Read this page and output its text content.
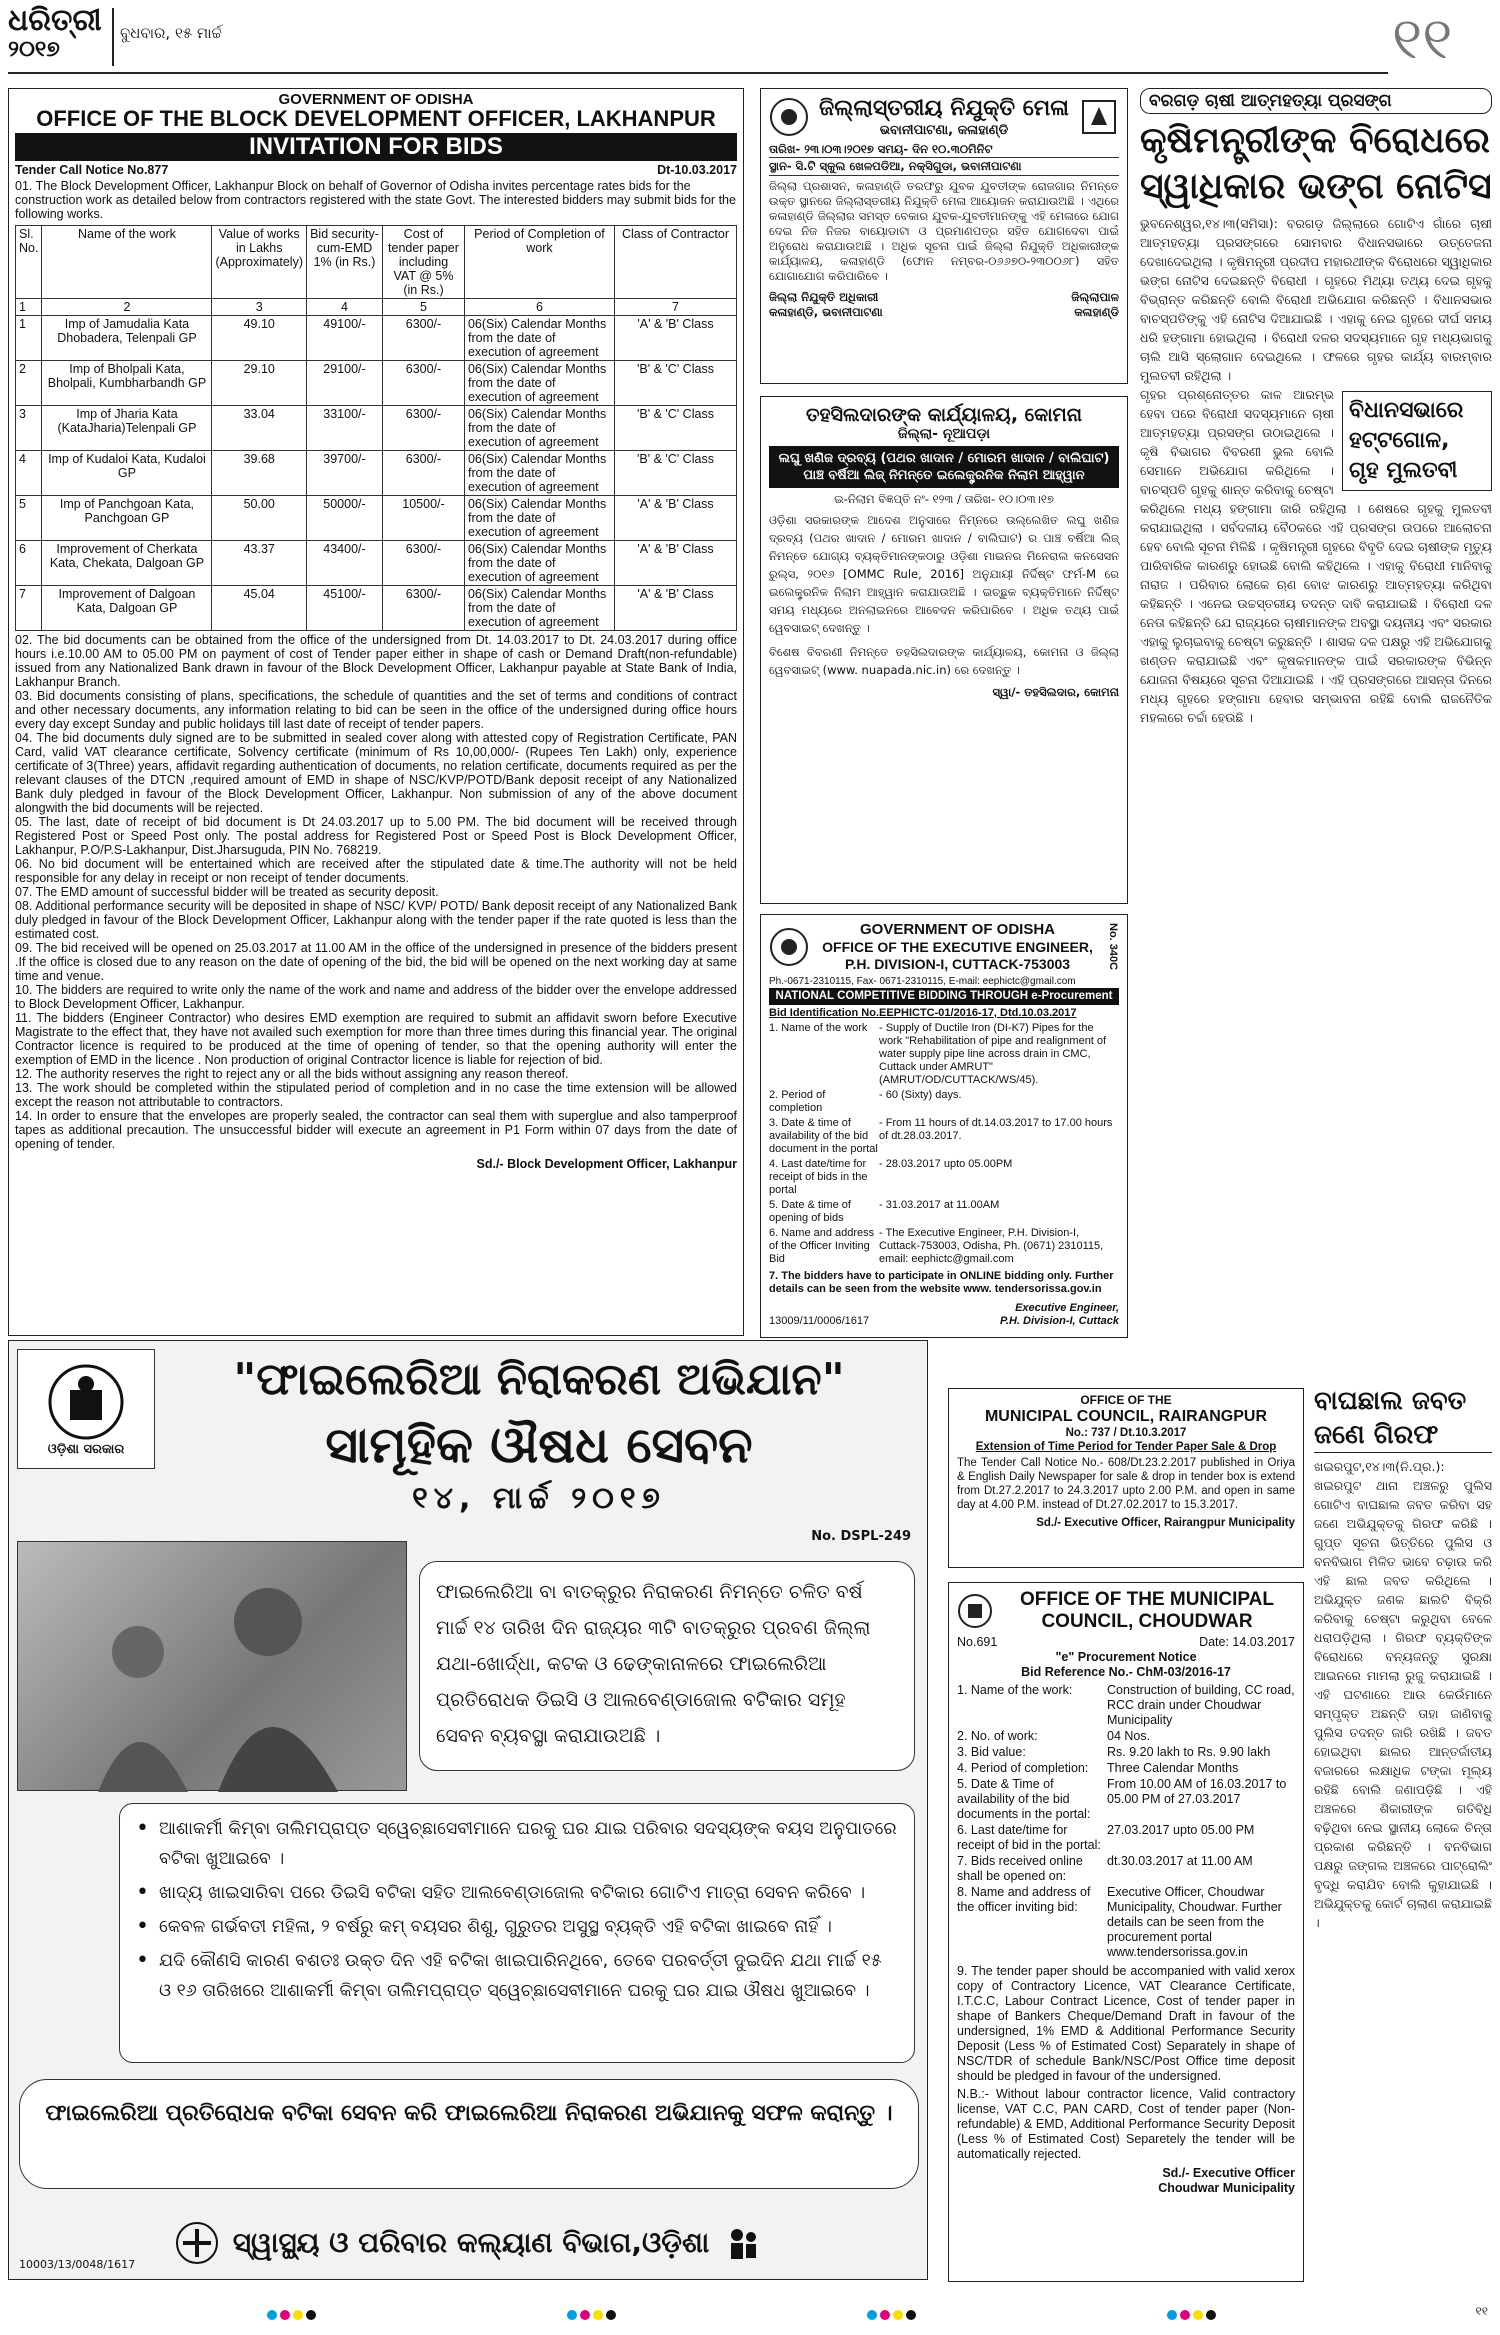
ଧରିତ୍ରୀ
୨୦୧୭
ବୁଧବାର, ୧୫ ମାର୍ଚ୍ଚ	୧୧
GOVERNMENT OF ODISHA
OFFICE OF THE BLOCK DEVELOPMENT OFFICER, LAKHANPUR
INVITATION FOR BIDS
Tender Call Notice No.877	Dt-10.03.2017
01. The Block Development Officer, Lakhanpur Block on behalf of Governor of Odisha invites percentage rates bids for the construction work as detailed below from contractors registered with the state Govt. The interested bidders may submit bids for the following works.
Sl. No.	Name of the work	Value of works in Lakhs (Approximately)	Bid security-cum-EMD 1% (in Rs.)	Cost of tender paper including VAT @ 5% (in Rs.)	Period of Completion of work	Class of Contractor
1	2	3	4	5	6	7
1	Imp of Jamudalia Kata Dhobadera, Telenpali GP	49.10	49100/-	6300/-	06(Six) Calendar Months from the date of execution of agreement	'A' & 'B' Class
2	Imp of Bholpali Kata, Bholpali, Kumbharbandh GP	29.10	29100/-	6300/-	06(Six) Calendar Months from the date of execution of agreement	'B' & 'C' Class
3	Imp of Jharia Kata (KataJharia)Telenpali GP	33.04	33100/-	6300/-	06(Six) Calendar Months from the date of execution of agreement	'B' & 'C' Class
4	Imp of Kudaloi Kata, Kudaloi GP	39.68	39700/-	6300/-	06(Six) Calendar Months from the date of execution of agreement	'B' & 'C' Class
5	Imp of Panchgoan Kata, Panchgoan GP	50.00	50000/-	10500/-	06(Six) Calendar Months from the date of execution of agreement	'A' & 'B' Class
6	Improvement of Cherkata Kata, Chekata, Dalgoan GP	43.37	43400/-	6300/-	06(Six) Calendar Months from the date of execution of agreement	'A' & 'B' Class
7	Improvement of Dalgoan Kata, Dalgoan GP	45.04	45100/-	6300/-	06(Six) Calendar Months from the date of execution of agreement	'A' & 'B' Class
02. The bid documents can be obtained from the office of the undersigned from Dt. 14.03.2017 to Dt. 24.03.2017 during office hours i.e.10.00 AM to 05.00 PM on payment of cost of Tender paper either in shape of cash or Demand Draft(non-refundable) issued from any Nationalized Bank drawn in favour of the Block Development Officer, Lakhanpur payable at State Bank of India, Lakhanpur Branch.
03. Bid documents consisting of plans, specifications, the schedule of quantities and the set of terms and conditions of contract and other necessary documents, any information relating to bid can be seen in the office of the undersigned during office hours every day except Sunday and public holidays till last date of receipt of tender papers.
04. The bid documents duly signed are to be submitted in sealed cover along with attested copy of Registration Certificate, PAN Card, valid VAT clearance certificate, Solvency certificate (minimum of Rs 10,00,000/- (Rupees Ten Lakh) only, experience certificate of 3(Three) years, affidavit regarding authentication of documents, no relation certificate, documents required as per the relevant clauses of the DTCN ,required amount of EMD in shape of NSC/KVP/POTD/Bank deposit receipt of any Nationalized Bank duly pledged in favour of the Block Development Officer, Lakhanpur. Non submission of any of the above document alongwith the bid documents will be rejected.
05. The last, date of receipt of bid document is Dt 24.03.2017 up to 5.00 PM. The bid document will be received through Registered Post or Speed Post only. The postal address for Registered Post or Speed Post is Block Development Officer, Lakhanpur, P.O/P.S-Lakhanpur, Dist.Jharsuguda, PIN No. 768219.
06. No bid document will be entertained which are received after the stipulated date & time.The authority will not be held responsible for any delay in receipt or non receipt of tender documents.
07. The EMD amount of successful bidder will be treated as security deposit.
08. Additional performance security will be deposited in shape of NSC/ KVP/ POTD/ Bank deposit receipt of any Nationalized Bank duly pledged in favour of the Block Development Officer, Lakhanpur along with the tender paper if the rate quoted is less than the estimated cost.
09. The bid received will be opened on 25.03.2017 at 11.00 AM in the office of the undersigned in presence of the bidders present .If the office is closed due to any reason on the date of opening of the bid, the bid will be opened on the next working day at same time and venue.
10. The bidders are required to write only the name of the work and name and address of the bidder over the envelope addressed to Block Development Officer, Lakhanpur.
11. The bidders (Engineer Contractor) who desires EMD exemption are required to submit an affidavit sworn before Executive Magistrate to the effect that, they have not availed such exemption for more than three times during this financial year. The original Contractor licence is required to be produced at the time of opening of tender, so that the opening authority will enter the exemption of EMD in the licence . Non production of original Contractor licence is liable for rejection of bid.
12. The authority reserves the right to reject any or all the bids without assigning any reason thereof.
13. The work should be completed within the stipulated period of completion and in no case the time extension will be allowed except the reason not attributable to contractors.
14. In order to ensure that the envelopes are properly sealed, the contractor can seal them with superglue and also tamperproof tapes as additional precaution. The unsuccessful bidder will execute an agreement in P1 Form within 07 days from the date of opening of tender.
Sd./- Block Development Officer, Lakhanpur
ଜିଲ୍ଲାସ୍ତରୀୟ ନିଯୁକ୍ତି ମେଳା
ଭବାନୀପାଟଣା, କଳାହାଣ୍ଡି
ତାରିଖ- ୨୩।୦୩।୨୦୧୭ ସମୟ- ଦିନ ୧୦.୩୦ମିନିଟ
ସ୍ଥାନ- ସି.ଟି ସ୍କୁଲ ଖେଳପଡିଆ, ନକ୍ସିଗୁଡା, ଭବାନୀପାଟଣା
ଜିଲ୍ଲା ପ୍ରଶାସନ, କଳାହାଣ୍ଡି ତରଫରୁ ଯୁବକ ଯୁବତୀଙ୍କ ରୋଜଗାର ନିମନ୍ତେ ଉକ୍ତ ସ୍ଥାନରେ ଜିଲ୍ଲାସ୍ତରୀୟ ନିଯୁକ୍ତି ମେଳା ଆୟୋଜନ କରାଯାଉଅଛି । ଏଥିରେ କଳାହାଣ୍ଡି ଜିଲ୍ଲାର ସମସ୍ତ ବେକାର ଯୁବକ-ଯୁବତୀମାନଙ୍କୁ ଏହି ମେଳାରେ ଯୋଗ ଦେଇ ନିଜ ନିଜର ବାୟୋଡାଟା ଓ ପ୍ରମାଣପତ୍ର ସହିତ ଯୋଗଦେବା ପାଇଁ ଅନୁରୋଧ କରାଯାଉଅଛି । ଅଧିକ ସୂଚନା ପାଇଁ ଜିଲ୍ଲା ନିଯୁକ୍ତି ଅଧିକାରୀଙ୍କ କାର୍ଯ୍ୟାଳୟ, କଳାହାଣ୍ଡି (ଫୋନ ନମ୍ବର-୦୬୬୭୦-୨୩୦୦୬୮) ସହିତ ଯୋଗାଯୋଗ କରିପାରିବେ ।
ଜିଲ୍ଲା ନିଯୁକ୍ତି ଅଧିକାରୀ
କଳାହାଣ୍ଡି, ଭବାନୀପାଟଣା
ଜିଲ୍ଲାପାଳ
କଳାହାଣ୍ଡି
ତହସିଲଦାରଙ୍କ କାର୍ଯ୍ୟାଳୟ, କୋମନା
ଜିଲ୍ଲା- ନୂଆପଡ଼ା
ଲଘୁ ଖଣିଜ ଦ୍ରବ୍ୟ (ପଥର ଖାଦାନ / ମୋରମ ଖାଦାନ / ବାଲିଘାଟ) ପାଞ୍ଚ ବର୍ଷିଆ ଲିଜ୍ ନିମନ୍ତେ ଇଲେକ୍ଟ୍ରନିକ ନିଲାମ ଆହ୍ୱାନ
ଇ-ନିଲାମ ବିଜ୍ଞପ୍ତି ନଂ- ୧୨୩ / ତାରିଖ- ୧୦।୦୩।୧୭
ଓଡ଼ିଶା ସରକାରଙ୍କ ଆଦେଶ ଅନୁସାରେ ନିମ୍ନରେ ଉଲ୍ଲେଖିତ ଲଘୁ ଖଣିଜ ଦ୍ରବ୍ୟ (ପଥର ଖାଦାନ / ମୋରମ ଖାଦାନ / ବାଲିଘାଟ) ର ପାଞ୍ଚ ବର୍ଷିଆ ଲିଜ୍ ନିମନ୍ତେ ଯୋଗ୍ୟ ବ୍ୟକ୍ତିମାନଙ୍କଠାରୁ ଓଡ଼ିଶା ମାଇନର ମିନେରାଲ କନସେସନ ରୁଲ୍ସ, ୨୦୧୬ [OMMC Rule, 2016] ଅନୁଯାୟୀ ନିର୍ଦ୍ଦିଷ୍ଟ ଫର୍ମ-M ରେ ଇଲେକ୍ଟ୍ରନିକ ନିଲାମ ଆହ୍ୱାନ କରାଯାଉଅଛି । ଇଚ୍ଛୁକ ବ୍ୟକ୍ତିମାନେ ନିର୍ଦ୍ଦିଷ୍ଟ ସମୟ ମଧ୍ୟରେ ଅନଲାଇନରେ ଆବେଦନ କରିପାରିବେ । ଅଧିକ ତଥ୍ୟ ପାଇଁ ୱେବସାଇଟ୍ ଦେଖନ୍ତୁ ।
ବିଶେଷ ବିବରଣୀ ନିମନ୍ତେ ତହସିଲଦାରଙ୍କ କାର୍ଯ୍ୟାଳୟ, କୋମନା ଓ ଜିଲ୍ଲା ୱେବସାଇଟ୍ (www. nuapada.nic.in) ରେ ଦେଖନ୍ତୁ ।
ସ୍ୱା/- ତହସିଲଦାର, କୋମନା
GOVERNMENT OF ODISHA
OFFICE OF THE EXECUTIVE ENGINEER, P.H. DIVISION-I, CUTTACK-753003	No. 340C
Ph.-0671-2310115, Fax- 0671-2310115, E-mail: eephictc@gmail.com
NATIONAL COMPETITIVE BIDDING THROUGH e-Procurement
Bid Identification No.EEPHICTC-01/2016-17, Dtd.10.03.2017
1. Name of the work	- Supply of Ductile Iron (DI-K7) Pipes for the work "Rehabilitation of pipe and realignment of water supply pipe line across drain in CMC, Cuttack under AMRUT" (AMRUT/OD/CUTTACK/WS/45).
2. Period of completion
- 60 (Sixty) days.
3. Date & time of availability of the bid document in the portal
- From 11 hours of dt.14.03.2017 to 17.00 hours of dt.28.03.2017.
4. Last date/time for receipt of bids in the portal
- 28.03.2017 upto 05.00PM
5. Date & time of opening of bids
- 31.03.2017 at 11.00AM
6. Name and address of the Officer Inviting Bid
- The Executive Engineer, P.H. Division-I, Cuttack-753003, Odisha, Ph. (0671) 2310115, email: eephictc@gmail.com
7. The bidders have to participate in ONLINE bidding only. Further details can be seen from the website www. tendersorissa.gov.in
13009/11/0006/1617
Executive Engineer,
P.H. Division-I, Cuttack
ବରଗଡ଼ ଚାଷୀ ଆତ୍ମହତ୍ୟା ପ୍ରସଙ୍ଗ
କୃଷିମନ୍ତ୍ରୀଙ୍କ ବିରୋଧରେ ସ୍ୱାଧିକାର ଭଙ୍ଗ ନୋଟିସ
ଭୁବନେଶ୍ୱର,୧୪।୩(ସମିସା): ବରଗଡ଼ ଜିଲ୍ଲାରେ ଗୋଟିଏ ଗାଁରେ ଚାଷୀ ଆତ୍ମହତ୍ୟା ପ୍ରସଙ୍ଗରେ ସୋମବାର ବିଧାନସଭାରେ ଉତ୍ତେଜନା ଦେଖାଦେଇଥିଲା । କୃଷିମନ୍ତ୍ରୀ ପ୍ରଦୀପ ମହାରଥୀଙ୍କ ବିରୋଧରେ ସ୍ୱାଧିକାର ଭଙ୍ଗ ନୋଟିସ ଦେଇଛନ୍ତି ବିରୋଧୀ । ଗୃହରେ ମିଥ୍ୟା ତଥ୍ୟ ଦେଇ ଗୃହକୁ ବିଭ୍ରାନ୍ତ କରିଛନ୍ତି ବୋଲି ବିରୋଧୀ ଅଭିଯୋଗ କରିଛନ୍ତି । ବିଧାନସଭାର ବାଚସ୍ପତିଙ୍କୁ ଏହି ନୋଟିସ ଦିଆଯାଇଛି । ଏହାକୁ ନେଇ ଗୃହରେ ଦୀର୍ଘ ସମୟ ଧରି ହଙ୍ଗାମା ହୋଇଥିଲା । ବିରୋଧୀ ଦଳର ସଦସ୍ୟମାନେ ଗୃହ ମଧ୍ୟଭାଗକୁ ଚାଲି ଆସି ସ୍ଲୋଗାନ ଦେଇଥିଲେ । ଫଳରେ ଗୃହର କାର୍ଯ୍ୟ ବାରମ୍ବାର ମୁଲତବୀ ରହିଥିଲା ।
ବିଧାନସଭାରେ ହଟ୍ଟଗୋଳ, ଗୃହ ମୁଲତବୀ
ଗୃହର ପ୍ରଶ୍ନୋତ୍ତର କାଳ ଆରମ୍ଭ ହେବା ପରେ ବିରୋଧୀ ସଦସ୍ୟମାନେ ଚାଷୀ ଆତ୍ମହତ୍ୟା ପ୍ରସଙ୍ଗ ଉଠାଇଥିଲେ । କୃଷି ବିଭାଗର ବିବରଣୀ ଭୁଲ ବୋଲି ସେମାନେ ଅଭିଯୋଗ କରିଥିଲେ । ବାଚସ୍ପତି ଗୃହକୁ ଶାନ୍ତ କରିବାକୁ ଚେଷ୍ଟା କରିଥିଲେ ମଧ୍ୟ ହଙ୍ଗାମା ଜାରି ରହିଥିଲା । ଶେଷରେ ଗୃହକୁ ମୁଲତବୀ କରାଯାଇଥିଲା । ସର୍ବଦଳୀୟ ବୈଠକରେ ଏହି ପ୍ରସଙ୍ଗ ଉପରେ ଆଲୋଚନା ହେବ ବୋଲି ସୂଚନା ମିଳିଛି । କୃଷିମନ୍ତ୍ରୀ ଗୃହରେ ବିବୃତି ଦେଇ ଚାଷୀଙ୍କ ମୃତ୍ୟୁ ପାରିବାରିକ କାରଣରୁ ହୋଇଛି ବୋଲି କହିଥିଲେ । ଏହାକୁ ବିରୋଧୀ ମାନିବାକୁ ନାରାଜ । ପରିବାର ଲୋକେ ଋଣ ବୋଝ କାରଣରୁ ଆତ୍ମହତ୍ୟା କରିଥିବା କହିଛନ୍ତି । ଏନେଇ ଉଚ୍ଚସ୍ତରୀୟ ତଦନ୍ତ ଦାବି କରାଯାଇଛି । ବିରୋଧୀ ଦଳ ନେତା କହିଛନ୍ତି ଯେ ରାଜ୍ୟରେ ଚାଷୀମାନଙ୍କ ଅବସ୍ଥା ଦୟନୀୟ ଏବଂ ସରକାର ଏହାକୁ ଲୁଚାଇବାକୁ ଚେଷ୍ଟା କରୁଛନ୍ତି । ଶାସକ ଦଳ ପକ୍ଷରୁ ଏହି ଅଭିଯୋଗକୁ ଖଣ୍ଡନ କରାଯାଇଛି ଏବଂ କୃଷକମାନଙ୍କ ପାଇଁ ସରକାରଙ୍କ ବିଭିନ୍ନ ଯୋଜନା ବିଷୟରେ ସୂଚନା ଦିଆଯାଇଛି । ଏହି ପ୍ରସଙ୍ଗରେ ଆସନ୍ତା ଦିନରେ ମଧ୍ୟ ଗୃହରେ ହଙ୍ଗାମା ହେବାର ସମ୍ଭାବନା ରହିଛି ବୋଲି ରାଜନୈତିକ ମହଲରେ ଚର୍ଚ୍ଚା ହେଉଛି ।
ଓଡ଼ିଶା ସରକାର
"ଫାଇଲେରିଆ ନିରାକରଣ ଅଭିଯାନ"
ସାମୂହିକ ଔଷଧ ସେବନ
୧୪, ମାର୍ଚ୍ଚ ୨୦୧୭
No. DSPL-249
ଫାଇଲେରିଆ ବା ବାତକ୍ରୁର ନିରାକରଣ ନିମନ୍ତେ ଚଳିତ ବର୍ଷ ମାର୍ଚ୍ଚ ୧୪ ତାରିଖ ଦିନ ରାଜ୍ୟର ୩ଟି ବାତକ୍ରୁର ପ୍ରବଣ ଜିଲ୍ଲା ଯଥା-ଖୋର୍ଦ୍ଧା, କଟକ ଓ ଢେଙ୍କାନାଳରେ ଫାଇଲେରିଆ ପ୍ରତିରୋଧକ ଡିଇସି ଓ ଆଲବେଣ୍ଡାଜୋଲ ବଟିକାର ସମୂହ ସେବନ ବ୍ୟବସ୍ଥା କରାଯାଉଅଛି ।
• ଆଶାକର୍ମୀ କିମ୍ବା ତାଲିମପ୍ରାପ୍ତ ସ୍ୱେଚ୍ଛାସେବୀମାନେ ଘରକୁ ଘର ଯାଇ ପରିବାର ସଦସ୍ୟଙ୍କ ବୟସ ଅନୁପାତରେ ବଟିକା ଖୁଆଇବେ ।
• ଖାଦ୍ୟ ଖାଇସାରିବା ପରେ ଡିଇସି ବଟିକା ସହିତ ଆଲବେଣ୍ଡାଜୋଲ ବଟିକାର ଗୋଟିଏ ମାତ୍ରା ସେବନ କରିବେ ।
• କେବଳ ଗର୍ଭବତୀ ମହିଳା, ୨ ବର୍ଷରୁ କମ୍ ବୟସର ଶିଶୁ, ଗୁରୁତର ଅସୁସ୍ଥ ବ୍ୟକ୍ତି ଏହି ବଟିକା ଖାଇବେ ନାହିଁ ।
• ଯଦି କୌଣସି କାରଣ ବଶତଃ ଉକ୍ତ ଦିନ ଏହି ବଟିକା ଖାଇପାରିନଥିବେ, ତେବେ ପରବର୍ତ୍ତୀ ଦୁଇଦିନ ଯଥା ମାର୍ଚ୍ଚ ୧୫ ଓ ୧୬ ତାରିଖରେ ଆଶାକର୍ମୀ କିମ୍ବା ତାଲିମପ୍ରାପ୍ତ ସ୍ୱେଚ୍ଛାସେବୀମାନେ ଘରକୁ ଘର ଯାଇ ଔଷଧ ଖୁଆଇବେ ।
ଫାଇଲେରିଆ ପ୍ରତିରୋଧକ ବଟିକା ସେବନ କରି ଫାଇଲେରିଆ ନିରାକରଣ ଅଭିଯାନକୁ ସଫଳ କରାନ୍ତୁ ।
ସ୍ୱାସ୍ଥ୍ୟ ଓ ପରିବାର କଲ୍ୟାଣ ବିଭାଗ,ଓଡ଼ିଶା
10003/13/0048/1617
OFFICE OF THE
MUNICIPAL COUNCIL, RAIRANGPUR
No.: 737 / Dt.10.3.2017
Extension of Time Period for Tender Paper Sale & Drop
The Tender Call Notice No.- 608/Dt.23.2.2017 published in Oriya & English Daily Newspaper for sale & drop in tender box is extend from Dt.27.2.2017 to 24.3.2017 upto 2.00 P.M. and open in same day at 4.00 P.M. instead of Dt.27.02.2017 to 15.3.2017.
Sd./- Executive Officer, Rairangpur Municipality
OFFICE OF THE MUNICIPAL COUNCIL, CHOUDWAR
No.691	Date: 14.03.2017
"e" Procurement Notice
Bid Reference No.- ChM-03/2016-17
1. Name of the work:	Construction of building, CC road, RCC drain under Choudwar Municipality
2. No. of work:	04 Nos.
3. Bid value:	Rs. 9.20 lakh to Rs. 9.90 lakh
4. Period of completion:	Three Calendar Months
5. Date & Time of availability of the bid documents in the portal:
From 10.00 AM of 16.03.2017 to 05.00 PM of 27.03.2017
6. Last date/time for receipt of bid in the portal:
27.03.2017 upto 05.00 PM
7. Bids received online shall be opened on:
dt.30.03.2017 at 11.00 AM
8. Name and address of the officer inviting bid:
Executive Officer, Choudwar Municipality, Choudwar. Further details can be seen from the procurement portal www.tendersorissa.gov.in
9. The tender paper should be accompanied with valid xerox copy of Contractory Licence, VAT Clearance Certificate, I.T.C.C, Labour Contract Licence, Cost of tender paper in shape of Bankers Cheque/Demand Draft in favour of the undersigned, 1% EMD & Additional Performance Security Deposit (Less % of Estimated Cost) Separately in shape of NSC/TDR of schedule Bank/NSC/Post Office time deposit should be pledged in favour of the undersigned.
N.B.:- Without labour contractor licence, Valid contractory license, VAT C.C, PAN CARD, Cost of tender paper (Non-refundable) & EMD, Additional Performance Security Deposit (Less % of Estimated Cost) Separetely the tender will be automatically rejected.
Sd./- Executive Officer
Choudwar Municipality
ବାଘଛାଲ ଜବତ ଜଣେ ଗିରଫ
ଖଇରପୁଟ,୧୪।୩(ନି.ପ୍ର.): ଖଇରପୁଟ ଥାନା ଅଞ୍ଚଳରୁ ପୁଲିସ ଗୋଟିଏ ବାଘଛାଲ ଜବତ କରିବା ସହ ଜଣେ ଅଭିଯୁକ୍ତକୁ ଗିରଫ କରିଛି । ଗୁପ୍ତ ସୂଚନା ଭିତ୍ତିରେ ପୁଲିସ ଓ ବନବିଭାଗ ମିଳିତ ଭାବେ ଚଢ଼ାଉ କରି ଏହି ଛାଲ ଜବତ କରିଥିଲେ । ଅଭିଯୁକ୍ତ ଜଣକ ଛାଲଟି ବିକ୍ରି କରିବାକୁ ଚେଷ୍ଟା କରୁଥିବା ବେଳେ ଧରାପଡ଼ିଥିଲା । ଗିରଫ ବ୍ୟକ୍ତିଙ୍କ ବିରୋଧରେ ବନ୍ୟଜନ୍ତୁ ସୁରକ୍ଷା ଆଇନରେ ମାମଲା ରୁଜୁ କରାଯାଇଛି । ଏହି ଘଟଣାରେ ଆଉ କେଉଁମାନେ ସମ୍ପୃକ୍ତ ଅଛନ୍ତି ତାହା ଜାଣିବାକୁ ପୁଲିସ ତଦନ୍ତ ଜାରି ରଖିଛି । ଜବତ ହୋଇଥିବା ଛାଲର ଆନ୍ତର୍ଜାତୀୟ ବଜାରରେ ଲକ୍ଷାଧିକ ଟଙ୍କା ମୂଲ୍ୟ ରହିଛି ବୋଲି ଜଣାପଡ଼ିଛି । ଏହି ଅଞ୍ଚଳରେ ଶିକାରୀଙ୍କ ଗତିବିଧି ବଢ଼ିଥିବା ନେଇ ସ୍ଥାନୀୟ ଲୋକେ ଚିନ୍ତା ପ୍ରକାଶ କରିଛନ୍ତି । ବନବିଭାଗ ପକ୍ଷରୁ ଜଙ୍ଗଲ ଅଞ୍ଚଳରେ ପାଟ୍ରୋଲିଂ ବୃଦ୍ଧି କରାଯିବ ବୋଲି କୁହାଯାଇଛି । ଅଭିଯୁକ୍ତକୁ କୋର୍ଟ ଚାଲାଣ କରାଯାଇଛି ।
୧୧
